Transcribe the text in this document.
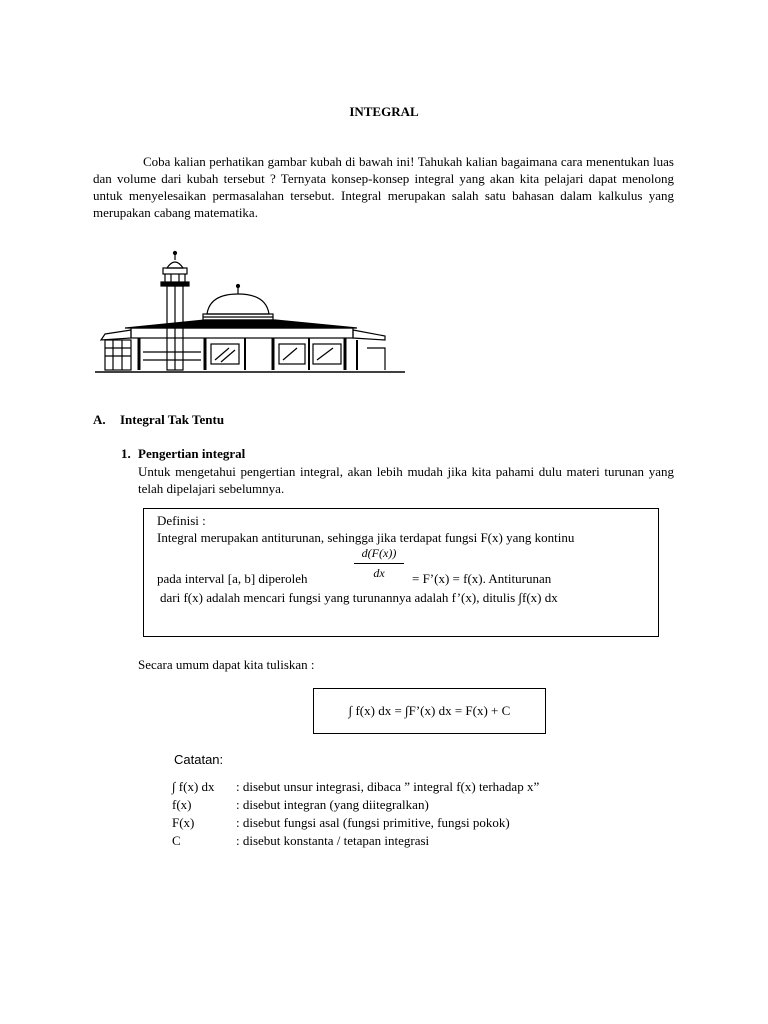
INTEGRAL

Coba kalian perhatikan gambar kubah di bawah ini! Tahukah kalian bagaimana cara menentukan luas dan volume dari kubah tersebut ? Ternyata konsep-konsep integral yang akan kita pelajari dapat menolong untuk menyelesaikan permasalahan tersebut. Integral merupakan salah satu bahasan dalam kalkulus yang merupakan cabang matematika.

A. Integral Tak Tentu
1. Pengertian integral
Untuk mengetahui pengertian integral, akan lebih mudah jika kita pahami dulu materi turunan yang telah dipelajari sebelumnya.
Definisi :
Integral merupakan antiturunan, sehingga jika terdapat fungsi F(x) yang kontinu
d(F(x))
dx
pada interval [a, b] diperoleh	= F’(x) = f(x). Antiturunan
dari f(x) adalah mencari fungsi yang turunannya adalah f’(x), ditulis ∫f(x) dx
Secara umum dapat kita tuliskan :
∫ f(x) dx = ∫F’(x) dx = F(x) + C
Catatan:
∫ f(x) dx : disebut unsur integrasi, dibaca ” integral f(x) terhadap x”
f(x)	: disebut integran (yang diitegralkan)
F(x)	: disebut fungsi asal (fungsi primitive, fungsi pokok)
C	: disebut konstanta / tetapan integrasi
